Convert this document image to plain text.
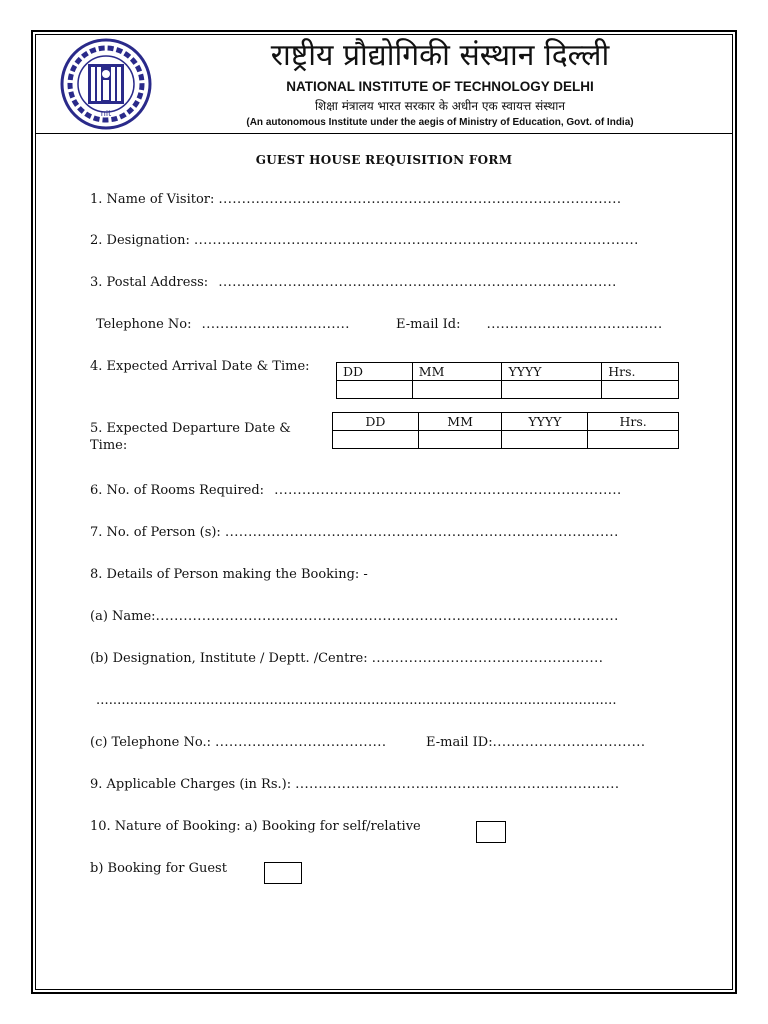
nit
राष्ट्रीय प्रौद्योगिकी संस्थान दिल्ली
NATIONAL INSTITUTE OF TECHNOLOGY DELHI
शिक्षा मंत्रालय भारत सरकार के अधीन एक स्वायत्त संस्थान
(An autonomous Institute under the aegis of Ministry of Education, Govt. of India)
GUEST HOUSE REQUISITION FORM
1. Name of Visitor: .......................................................................................
2. Designation: ................................................................................................
3. Postal Address: ......................................................................................
Telephone No: ................................	E-mail Id: ......................................
4. Expected Arrival Date & Time:	DD	MM	YYYY	Hrs.

5. Expected Departure Date & Time:
DD	MM	YYYY	Hrs.

6. No. of Rooms Required: ...........................................................................
7. No. of Person (s): .....................................................................................
8. Details of Person making the Booking: -
(a) Name:....................................................................................................
(b) Designation, Institute / Deptt. /Centre: ..................................................
...........................................................................................................................
(c) Telephone No.: .....................................	E-mail ID:.................................
9. Applicable Charges (in Rs.): ......................................................................
10. Nature of Booking: a) Booking for self/relative
b) Booking for Guest
